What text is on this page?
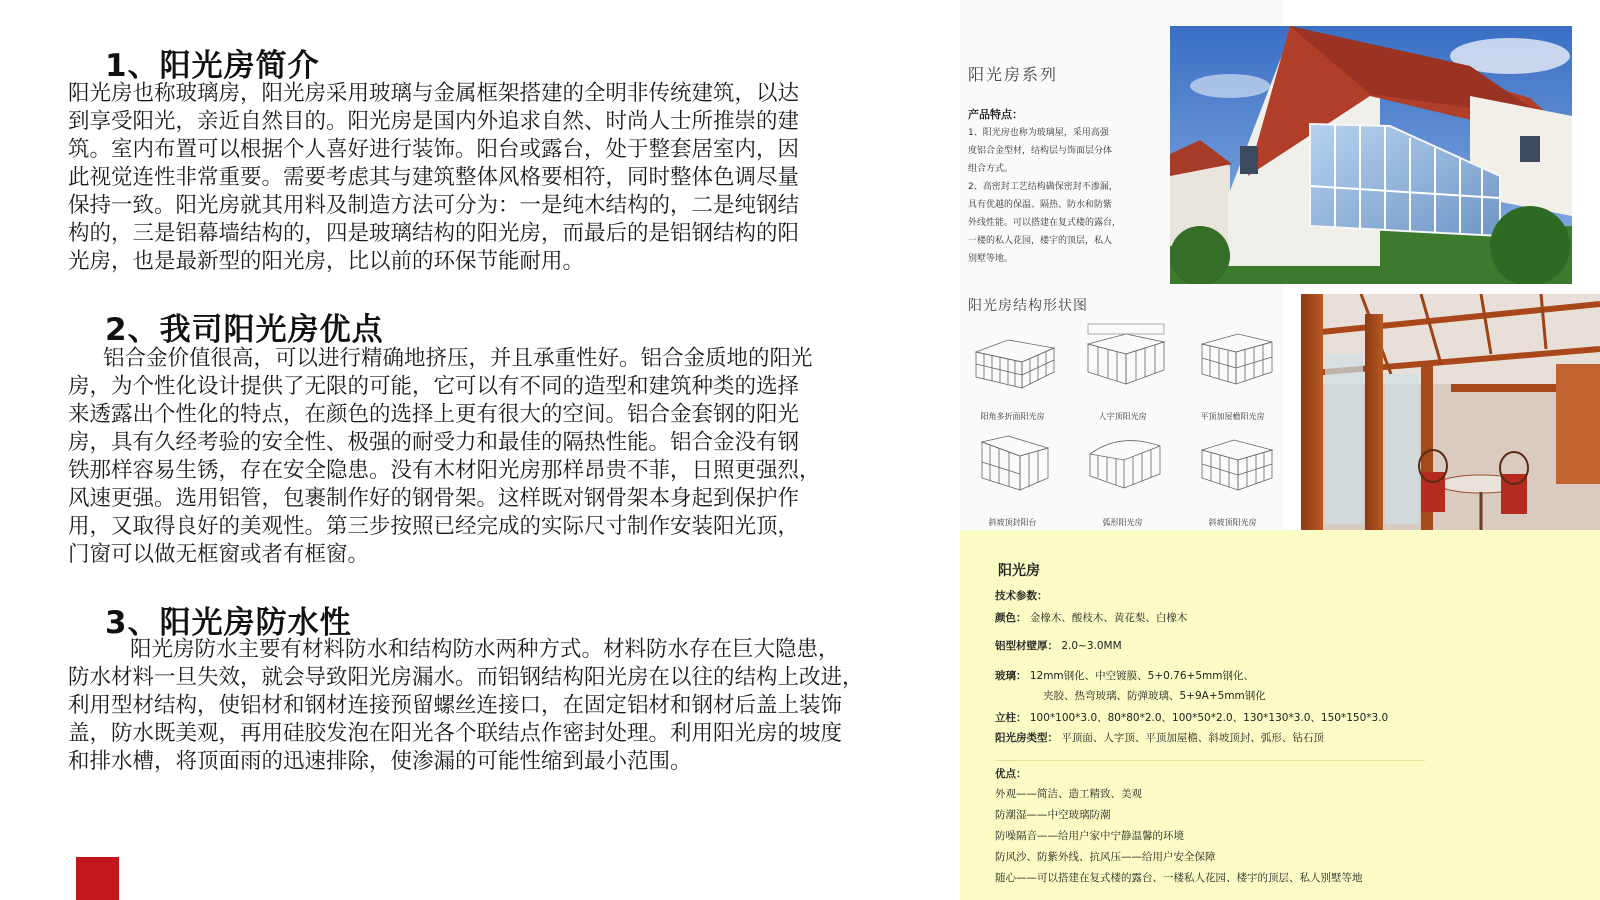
1、阳光房简介

阳光房也称玻璃房，阳光房采用玻璃与金属框架搭建的全明非传统建筑，以达

到享受阳光，亲近自然目的。阳光房是国内外追求自然、时尚人士所推崇的建

筑。室内布置可以根据个人喜好进行装饰。阳台或露台，处于整套居室内，因

此视觉连性非常重要。需要考虑其与建筑整体风格要相符，同时整体色调尽量

保持一致。阳光房就其用料及制造方法可分为：一是纯木结构的，二是纯钢结

构的，三是铝幕墙结构的，四是玻璃结构的阳光房，而最后的是铝钢结构的阳

光房，也是最新型的阳光房，比以前的环保节能耐用。

2、我司阳光房优点

铝合金价值很高，可以进行精确地挤压，并且承重性好。铝合金质地的阳光

房，为个性化设计提供了无限的可能，它可以有不同的造型和建筑种类的选择

来透露出个性化的特点，在颜色的选择上更有很大的空间。铝合金套钢的阳光

房，具有久经考验的安全性、极强的耐受力和最佳的隔热性能。铝合金没有钢

铁那样容易生锈，存在安全隐患。没有木材阳光房那样昂贵不菲，日照更强烈，

风速更强。选用铝管，包裹制作好的钢骨架。这样既对钢骨架本身起到保护作

用，又取得良好的美观性。第三步按照已经完成的实际尺寸制作安装阳光顶，

门窗可以做无框窗或者有框窗。

3、阳光房防水性

阳光房防水主要有材料防水和结构防水两种方式。材料防水存在巨大隐患，

防水材料一旦失效，就会导致阳光房漏水。而铝钢结构阳光房在以往的结构上改进，

利用型材结构，使铝材和钢材连接预留螺丝连接口，在固定铝材和钢材后盖上装饰

盖，防水既美观，再用硅胶发泡在阳光各个联结点作密封处理。利用阳光房的坡度

和排水槽，将顶面雨的迅速排除，使渗漏的可能性缩到最小范围。

阳光房系列
产品特点：
1、阳光房也称为玻璃屋，采用高强
度铝合金型材，结构层与饰面层分体
组合方式。
2、高密封工艺结构确保密封不渗漏，
具有优越的保温、隔热、防水和防紫
外线性能。可以搭建在复式楼的露台，
一楼的私人花园，楼宇的顶层，私人
别墅等地。
阳光房结构形状图
阳角多折面阳光房	人字顶阳光房	平顶加屋檐阳光房
斜坡顶封阳台	弧形阳光房	斜坡顶阳光房
阳光房
技术参数：
颜色： 金橡木、酸枝木、黄花梨、白橡木
铝型材壁厚： 2.0~3.0MM
玻璃： 12mm钢化、中空镀膜、5+0.76+5mm钢化、
夹胶、热弯玻璃、防弹玻璃、5+9A+5mm钢化
立柱： 100*100*3.0、80*80*2.0、100*50*2.0、130*130*3.0、150*150*3.0
阳光房类型： 平顶面、人字顶、平顶加屋檐、斜坡顶封、弧形、钻石顶
优点：
外观——简洁、造工精致、美观
防潮湿——中空玻璃防潮
防噪隔音——给用户家中宁静温馨的环境
防风沙、防紫外线、抗风压——给用户安全保障
随心——可以搭建在复式楼的露台、一楼私人花园、楼宇的顶层、私人别墅等地
